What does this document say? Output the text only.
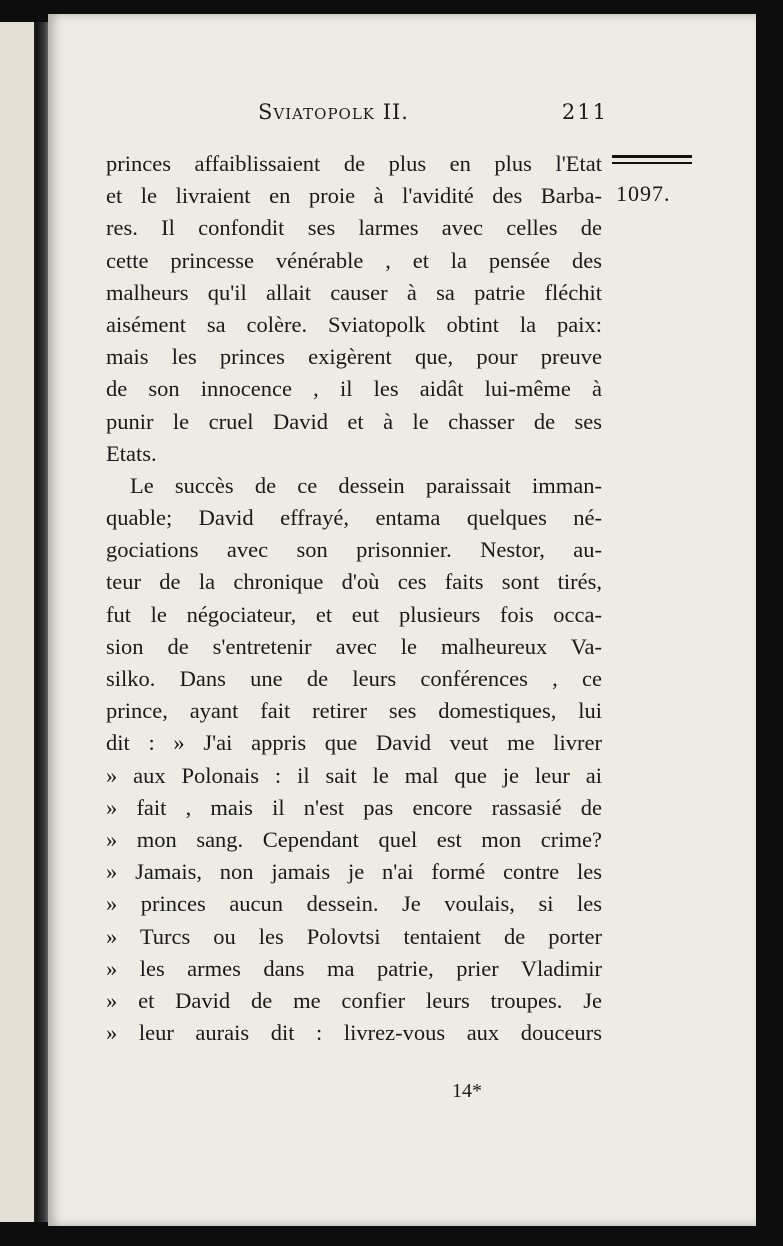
Sviatopolk II.	211
1097.
princes affaiblissaient de plus en plus l'Etat
et le livraient en proie à l'avidité des Barba-
res. Il confondit ses larmes avec celles de
cette princesse vénérable , et la pensée des
malheurs qu'il allait causer à sa patrie fléchit
aisément sa colère. Sviatopolk obtint la paix:
mais les princes exigèrent que, pour preuve
de son innocence , il les aidât lui-même à
punir le cruel David et à le chasser de ses
Etats.
Le succès de ce dessein paraissait imman-
quable; David effrayé, entama quelques né-
gociations avec son prisonnier. Nestor, au-
teur de la chronique d'où ces faits sont tirés,
fut le négociateur, et eut plusieurs fois occa-
sion de s'entretenir avec le malheureux Va-
silko. Dans une de leurs conférences , ce
prince, ayant fait retirer ses domestiques, lui
dit : » J'ai appris que David veut me livrer
» aux Polonais : il sait le mal que je leur ai
» fait , mais il n'est pas encore rassasié de
» mon sang. Cependant quel est mon crime?
» Jamais, non jamais je n'ai formé contre les
» princes aucun dessein. Je voulais, si les
» Turcs ou les Polovtsi tentaient de porter
» les armes dans ma patrie, prier Vladimir
» et David de me confier leurs troupes. Je
» leur aurais dit : livrez-vous aux douceurs
14*
